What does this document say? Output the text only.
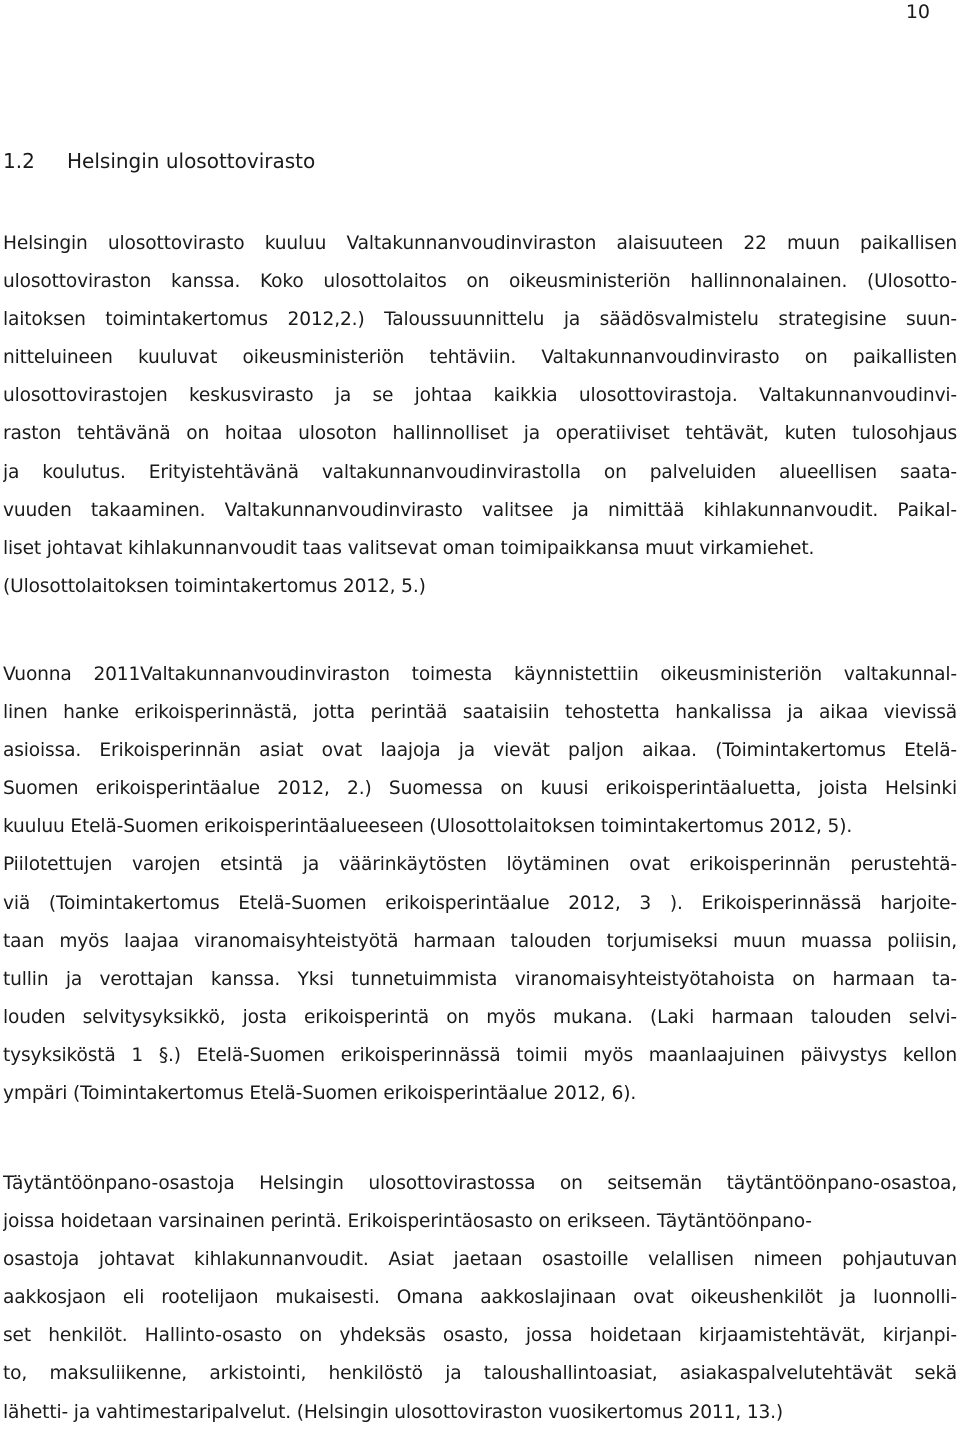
10
1.2 Helsingin ulosottovirasto
Helsingin ulosottovirasto kuuluu Valtakunnanvoudinviraston alaisuuteen 22 muun paikallisen
ulosottoviraston kanssa. Koko ulosottolaitos on oikeusministeriön hallinnonalainen. (Ulosotto-
laitoksen toimintakertomus 2012,2.) Taloussuunnittelu ja säädösvalmistelu strategisine suun-
nitteluineen kuuluvat oikeusministeriön tehtäviin. Valtakunnanvoudinvirasto on paikallisten
ulosottovirastojen keskusvirasto ja se johtaa kaikkia ulosottovirastoja. Valtakunnanvoudinvi-
raston tehtävänä on hoitaa ulosoton hallinnolliset ja operatiiviset tehtävät, kuten tulosohjaus
ja koulutus. Erityistehtävänä valtakunnanvoudinvirastolla on palveluiden alueellisen saata-
vuuden takaaminen. Valtakunnanvoudinvirasto valitsee ja nimittää kihlakunnanvoudit. Paikal-
liset johtavat kihlakunnanvoudit taas valitsevat oman toimipaikkansa muut virkamiehet.
(Ulosottolaitoksen toimintakertomus 2012, 5.)
Vuonna 2011Valtakunnanvoudinviraston toimesta käynnistettiin oikeusministeriön valtakunnal-
linen hanke erikoisperinnästä, jotta perintää saataisiin tehostetta hankalissa ja aikaa vievissä
asioissa. Erikoisperinnän asiat ovat laajoja ja vievät paljon aikaa. (Toimintakertomus Etelä-
Suomen erikoisperintäalue 2012, 2.) Suomessa on kuusi erikoisperintäaluetta, joista Helsinki
kuuluu Etelä-Suomen erikoisperintäalueeseen (Ulosottolaitoksen toimintakertomus 2012, 5).
Piilotettujen varojen etsintä ja väärinkäytösten löytäminen ovat erikoisperinnän perustehtä-
viä (Toimintakertomus Etelä-Suomen erikoisperintäalue 2012, 3 ). Erikoisperinnässä harjoite-
taan myös laajaa viranomaisyhteistyötä harmaan talouden torjumiseksi muun muassa poliisin,
tullin ja verottajan kanssa. Yksi tunnetuimmista viranomaisyhteistyötahoista on harmaan ta-
louden selvitysyksikkö, josta erikoisperintä on myös mukana. (Laki harmaan talouden selvi-
tysyksiköstä 1 §.) Etelä-Suomen erikoisperinnässä toimii myös maanlaajuinen päivystys kellon
ympäri (Toimintakertomus Etelä-Suomen erikoisperintäalue 2012, 6).
Täytäntöönpano-osastoja Helsingin ulosottovirastossa on seitsemän täytäntöönpano-osastoa,
joissa hoidetaan varsinainen perintä. Erikoisperintäosasto on erikseen. Täytäntöönpano-
osastoja johtavat kihlakunnanvoudit. Asiat jaetaan osastoille velallisen nimeen pohjautuvan
aakkosjaon eli rootelijaon mukaisesti. Omana aakkoslajinaan ovat oikeushenkilöt ja luonnolli-
set henkilöt. Hallinto-osasto on yhdeksäs osasto, jossa hoidetaan kirjaamistehtävät, kirjanpi-
to, maksuliikenne, arkistointi, henkilöstö ja taloushallintoasiat, asiakaspalvelutehtävät sekä
lähetti- ja vahtimestaripalvelut. (Helsingin ulosottoviraston vuosikertomus 2011, 13.)
